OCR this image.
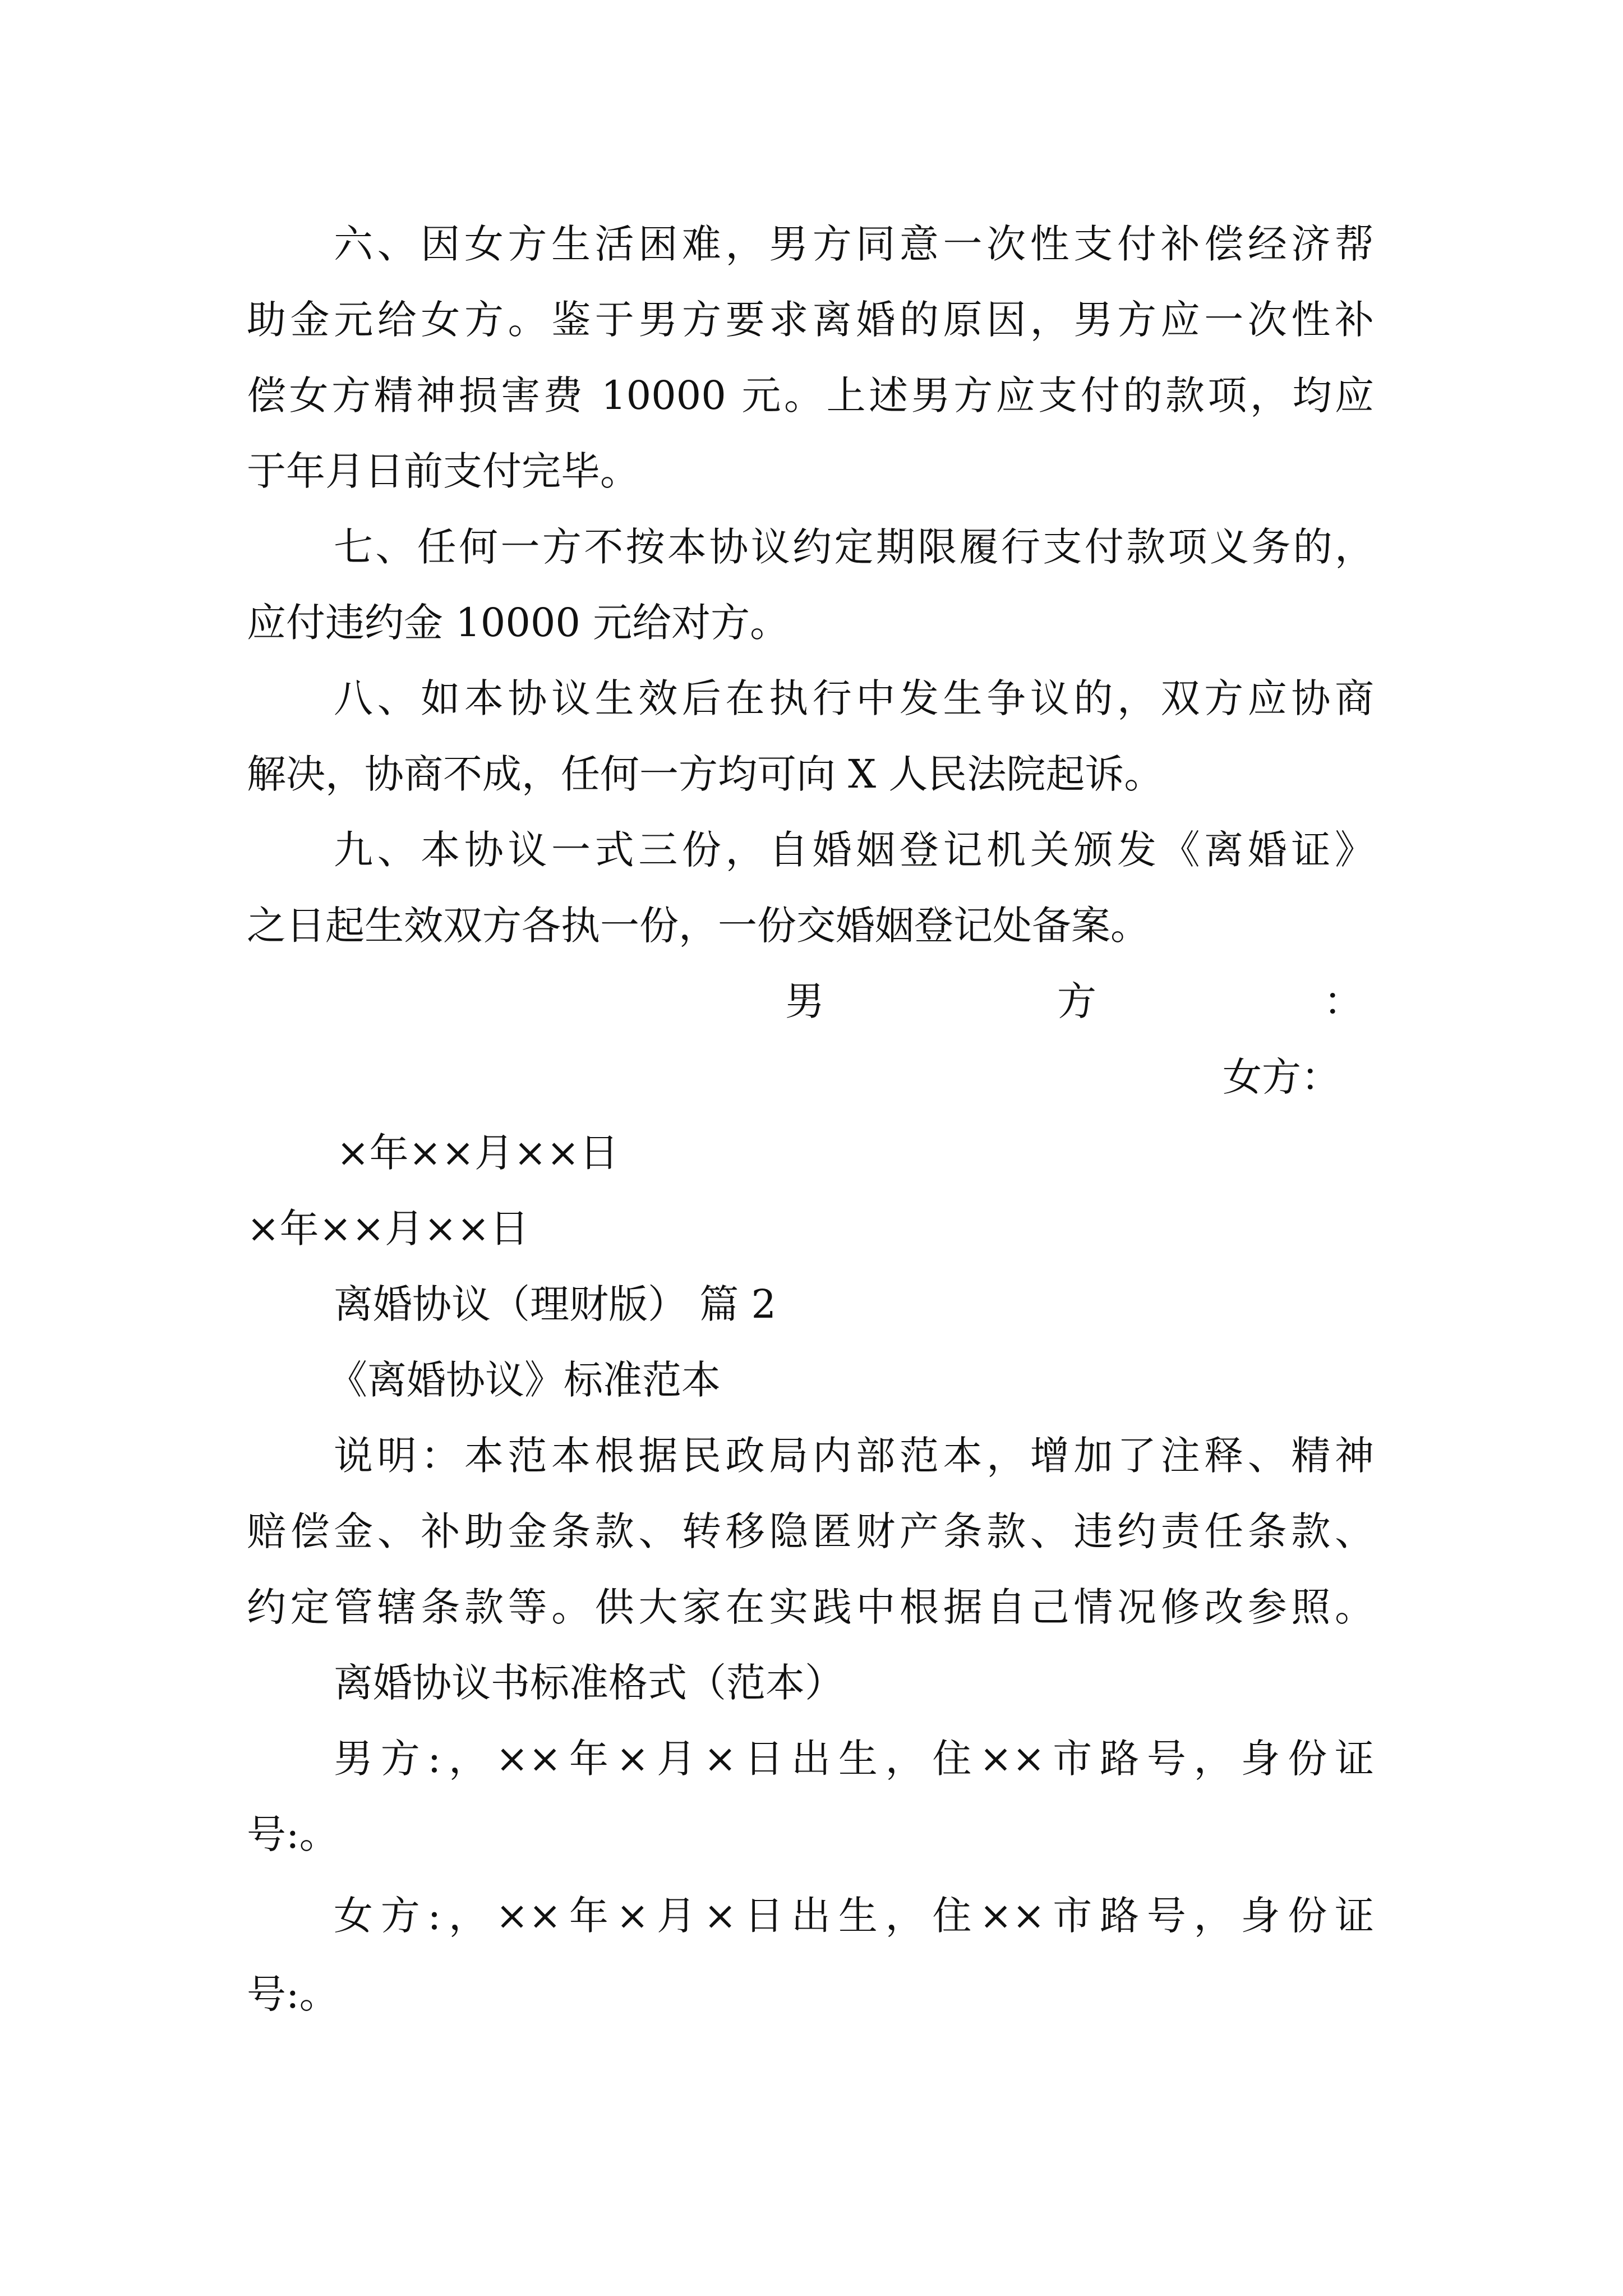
六、因女方生活困难，男方同意一次性支付补偿经济帮
助金元给女方。鉴于男方要求离婚的原因，男方应一次性补
偿女方精神损害费 10000 元。上述男方应支付的款项，均应
于年月日前支付完毕。
七、任何一方不按本协议约定期限履行支付款项义务的，
应付违约金 10000 元给对方。
八、如本协议生效后在执行中发生争议的，双方应协商
解决，协商不成，任何一方均可向 X 人民法院起诉。
九、本协议一式三份，自婚姻登记机关颁发《离婚证》
之日起生效双方各执一份，一份交婚姻登记处备案。
男	方	：
女方：
×年××月××日
×年××月××日
离婚协议（理财版） 篇 2
《离婚协议》标准范本
说明：本范本根据民政局内部范本，增加了注释、精神
赔偿金、补助金条款、转移隐匿财产条款、违约责任条款、
约定管辖条款等。供大家在实践中根据自己情况修改参照。
离婚协议书标准格式（范本）
男方:，××年×月×日出生，住××市路号，身份证
号:。
女方:，××年×月×日出生，住××市路号，身份证
号:。
